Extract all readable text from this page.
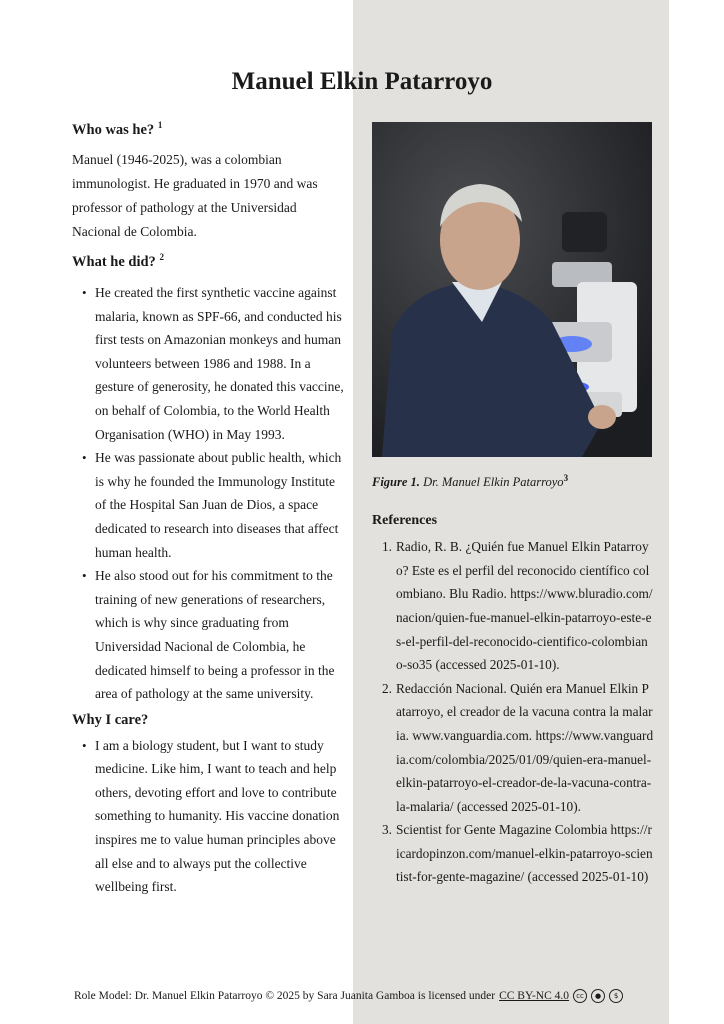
Manuel Elkin Patarroyo
Who was he? $^1$

Manuel (1946-2025), was a colombian immunologist. He graduated in 1970 and was professor of pathology at the Universidad Nacional de Colombia.

What he did? $^2$
• He created the first synthetic vaccine against malaria, known as SPF-66, and conducted his first tests on Amazonian monkeys and human volunteers between 1986 and 1988. In a gesture of generosity, he donated this vaccine, on behalf of Colombia, to the World Health Organisation (WHO) in May 1993.
• He was passionate about public health, which is why he founded the Immunology Institute of the Hospital San Juan de Dios, a space dedicated to research into diseases that affect human health.
• He also stood out for his commitment to the training of new generations of researchers, which is why since graduating from Universidad Nacional de Colombia, he dedicated himself to being a professor in the area of pathology at the same university.
Why I care?
• I am a biology student, but I want to study medicine. Like him, I want to teach and help others, devoting effort and love to contribute something to humanity. His vaccine donation inspires me to value human principles above all else and to always put the collective wellbeing first.
Figure 1. Dr. Manuel Elkin Patarroyo$^3$
References
1. Radio, R. B. ¿Quién fue Manuel Elkin Patarroyo? Este es el perfil del reconocido científico colombiano. Blu Radio. https://www.bluradio.com/nacion/quien-fue-manuel-elkin-patarroyo-este-es-el-perfil-del-reconocido-cientifico-colombiano-so35 (accessed 2025-01-10).
2. Redacción Nacional. Quién era Manuel Elkin Patarroyo, el creador de la vacuna contra la malaria. www.vanguardia.com. https://www.vanguardia.com/colombia/2025/01/09/quien-era-manuel-elkin-patarroyo-el-creador-de-la-vacuna-contra-la-malaria/ (accessed 2025-01-10).
3. Scientist for Gente Magazine Colombia https://ricardopinzon.com/manuel-elkin-patarroyo-scientist-for-gente-magazine/ (accessed 2025-01-10)
Role Model: Dr. Manuel Elkin Patarroyo © 2025 by Sara Juanita Gamboa is licensed under CC BY-NC 4.0	cc	●	$
